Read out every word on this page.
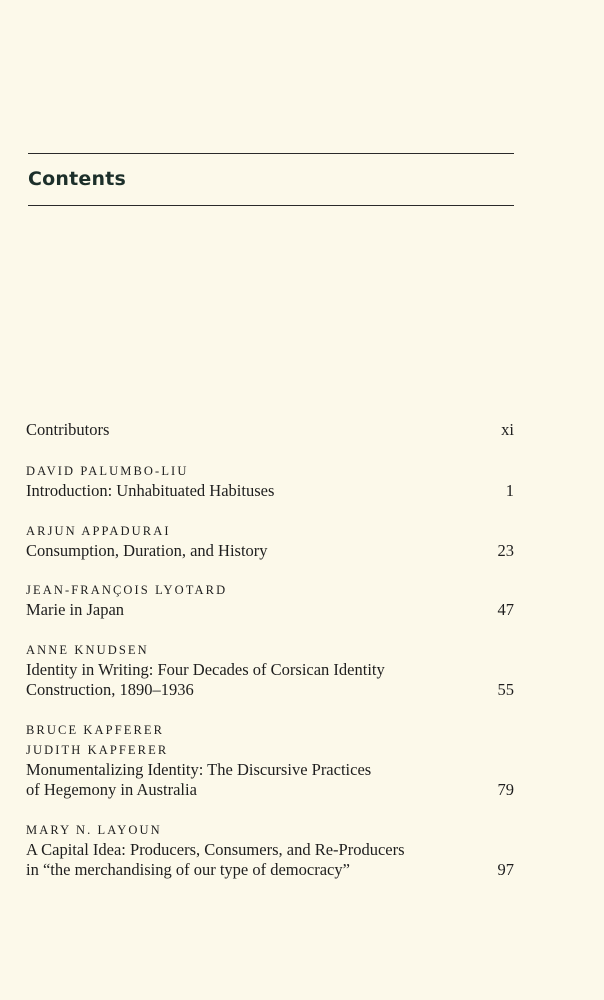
Contents
Contributors	xi
DAVID PALUMBO-LIU
Introduction: Unhabituated Habituses	1
ARJUN APPADURAI
Consumption, Duration, and History	23
JEAN-FRANÇOIS LYOTARD
Marie in Japan	47
ANNE KNUDSEN
Identity in Writing: Four Decades of Corsican Identity
Construction, 1890–1936	55
BRUCE KAPFERER
JUDITH KAPFERER
Monumentalizing Identity: The Discursive Practices
of Hegemony in Australia	79
MARY N. LAYOUN
A Capital Idea: Producers, Consumers, and Re-Producers
in “the merchandising of our type of democracy”	97
